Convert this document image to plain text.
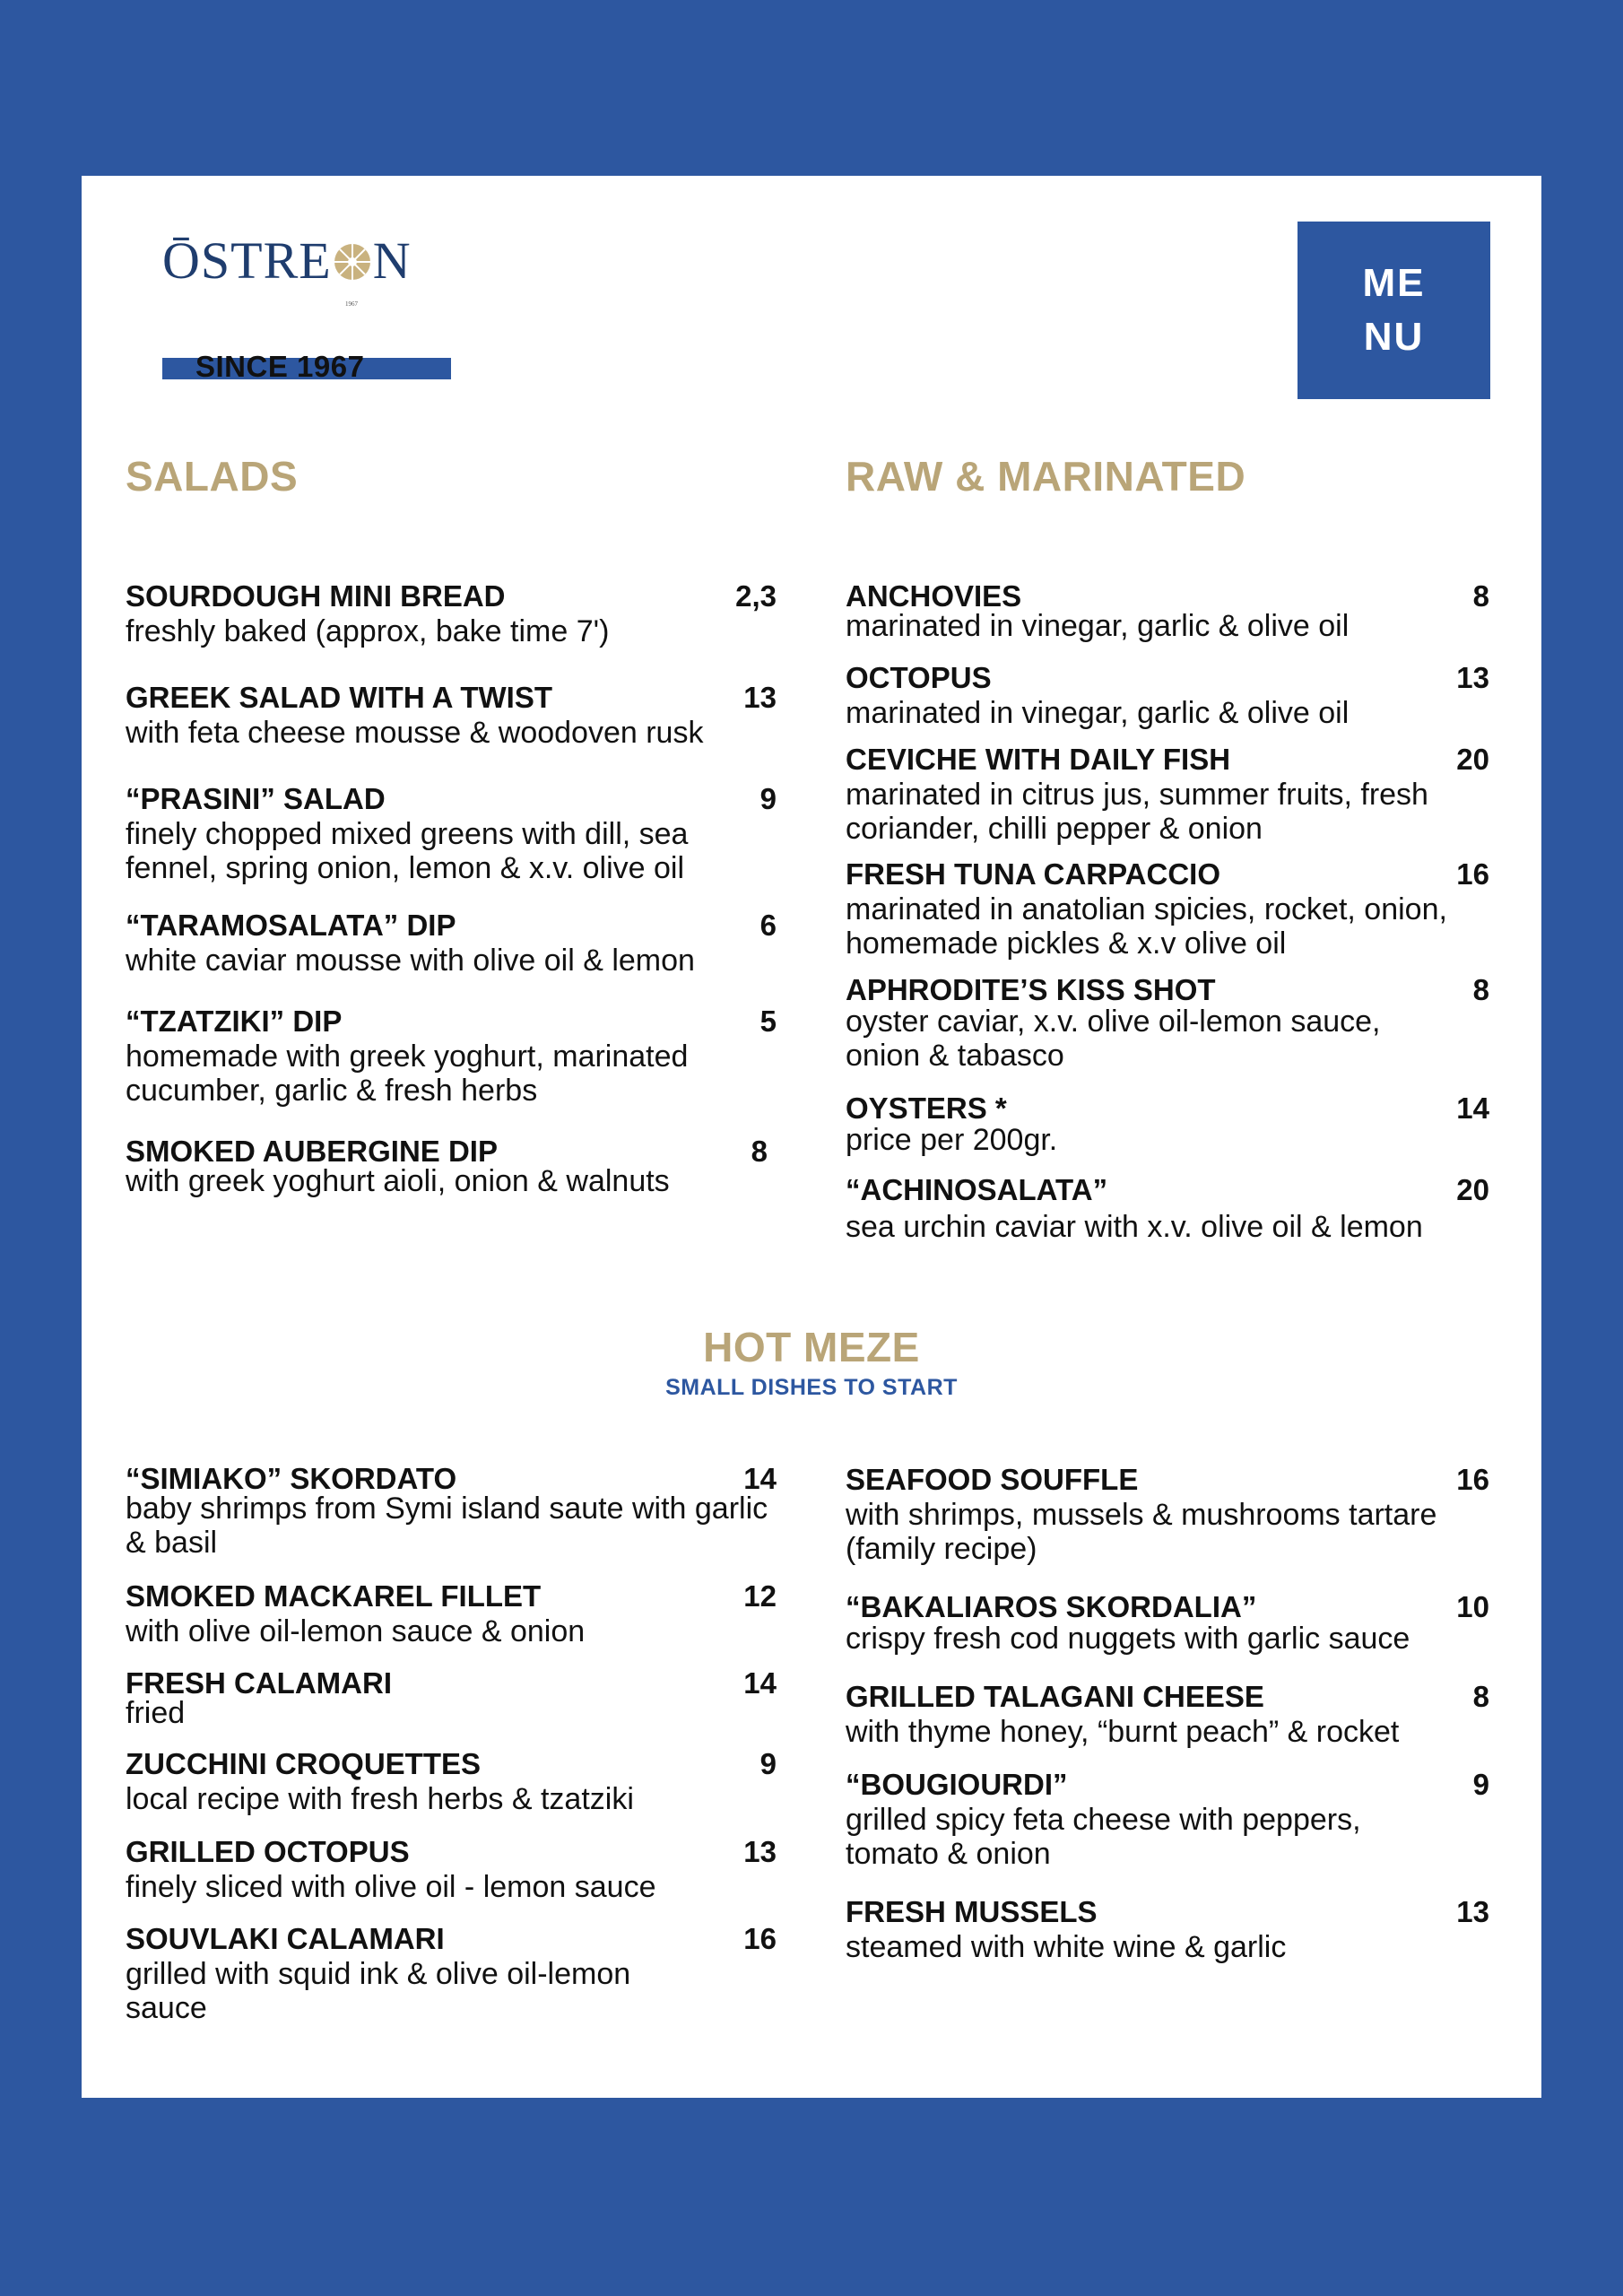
ŌSTRE N
1967
SINCE 1967
MENU
SALADS
SOURDOUGH MINI BREAD	2,3
freshly baked (approx, bake time 7')
GREEK SALAD WITH A TWIST	13
with feta cheese mousse & woodoven rusk
“PRASINI” SALAD	9
finely chopped mixed greens with dill, sea fennel, spring onion, lemon & x.v. olive oil
“TARAMOSALATA” DIP	6
white caviar mousse with olive oil & lemon
“TZATZIKI” DIP	5
homemade with greek yoghurt, marinated cucumber, garlic & fresh herbs
SMOKED AUBERGINE DIP	8
with greek yoghurt aioli, onion & walnuts
RAW & MARINATED
ANCHOVIES	8
marinated in vinegar, garlic & olive oil
OCTOPUS	13
marinated in vinegar, garlic & olive oil
CEVICHE WITH DAILY FISH	20
marinated in citrus jus, summer fruits, fresh coriander, chilli pepper & onion
FRESH TUNA CARPACCIO	16
marinated in anatolian spicies, rocket, onion, homemade pickles & x.v olive oil
APHRODITE’S KISS SHOT	8
oyster caviar, x.v. olive oil-lemon sauce, onion & tabasco
OYSTERS *	14
price per 200gr.
“ACHINOSALATA”	20
sea urchin caviar with x.v. olive oil & lemon
HOT MEZE
SMALL DISHES TO START
“SIMIAKO” SKORDATO	14
baby shrimps from Symi island saute with garlic & basil
SMOKED MACKAREL FILLET	12
with olive oil-lemon sauce & onion
FRESH CALAMARI	14
fried
ZUCCHINI CROQUETTES	9
local recipe with fresh herbs & tzatziki
GRILLED OCTOPUS	13
finely sliced with olive oil - lemon sauce
SOUVLAKI CALAMARI	16
grilled with squid ink & olive oil-lemon sauce
SEAFOOD SOUFFLE	16
with shrimps, mussels & mushrooms tartare (family recipe)
“BAKALIAROS SKORDALIA”	10
crispy fresh cod nuggets with garlic sauce
GRILLED TALAGANI CHEESE	8
with thyme honey, “burnt peach” & rocket
“BOUGIOURDI”	9
grilled spicy feta cheese with peppers, tomato & onion
FRESH MUSSELS	13
steamed with white wine & garlic
